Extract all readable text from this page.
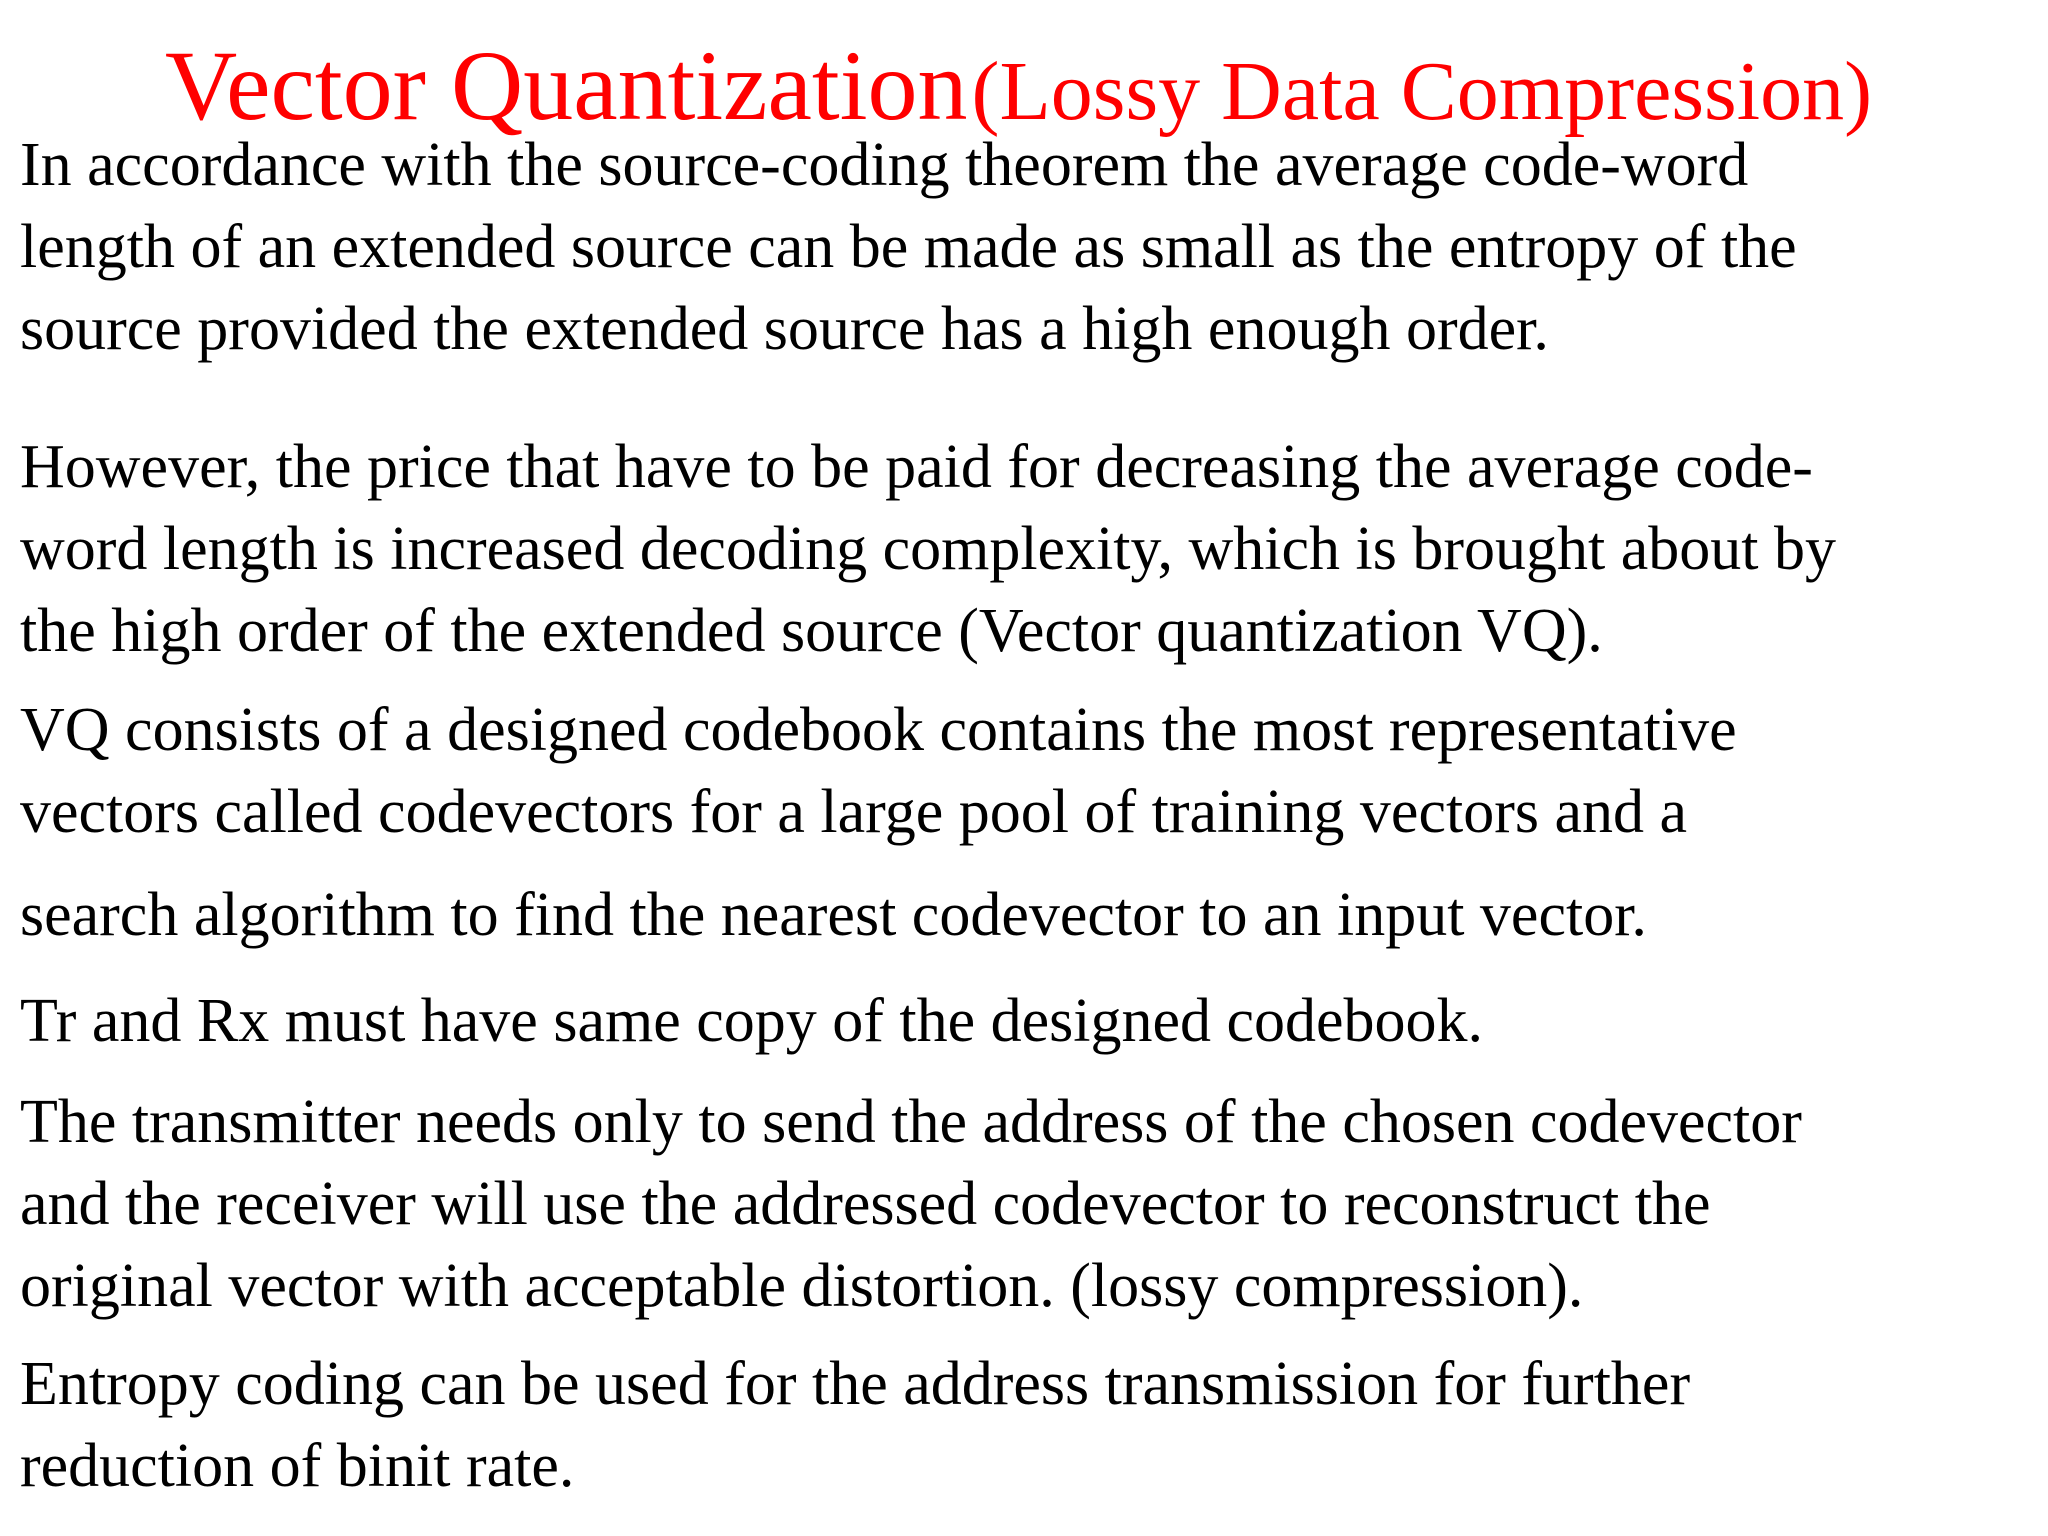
Vector Quantization (Lossy Data Compression)

In accordance with the source-coding theorem the average code-word
length of an extended source can be made as small as the entropy of the
source provided the extended source has a high enough order.

However, the price that have to be paid for decreasing the average code-
word length is increased decoding complexity, which is brought about by
the high order of the extended source (Vector quantization VQ).

VQ consists of a designed codebook contains the most representative
vectors called codevectors for a large pool of training vectors and a

search algorithm to find the nearest codevector to an input vector.

Tr and Rx must have same copy of the designed codebook.

The transmitter needs only to send the address of the chosen codevector
and the receiver will use the addressed codevector to reconstruct the
original vector with acceptable distortion. (lossy compression).

Entropy coding can be used for the address transmission for further
reduction of binit rate.
